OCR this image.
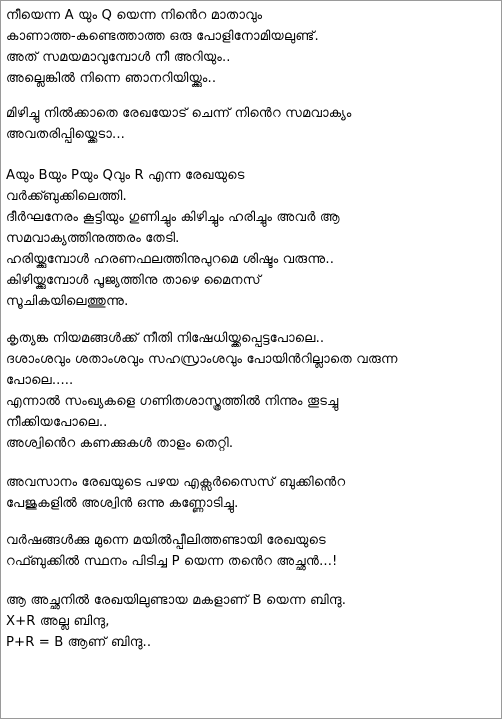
നീയെന്ന A യും Q യെന്ന നിൻെറ മാതാവും
കാണാത്ത-കണ്ടെത്താത്ത ഒരു പോളിനോമിയലുണ്ട്.
അത് സമയമാവുമ്പോൾ നീ അറിയും..
അല്ലെങ്കിൽ നിന്നെ ഞാനറിയിയ്ക്കും..
മിഴിച്ചു നിൽക്കാതെ രേഖയോട് ചെന്ന് നിൻെറ സമവാക്യം
അവതരിപ്പിയ്ക്കെടാ...
Aയും Bയും Pയും Qവും R എന്ന രേഖയുടെ
വർക്ക്ബുക്കിലെത്തി.
ദീർഘനേരം കൂട്ടിയും ഗുണിച്ചും കിഴിച്ചും ഹരിച്ചും അവർ ആ
സമവാക്യത്തിനുത്തരം തേടി.
ഹരിയ്ക്കുമ്പോൾ ഹരണഫലത്തിനുപുറമെ ശിഷ്ടം വരുന്നു..
കിഴിയ്ക്കുമ്പോൾ പൂജ്യത്തിനു താഴെ മൈനസ്
സൂചികയിലെത്തുന്നു.
കൃത്യങ്ക നിയമങ്ങൾക്ക് നീതി നിഷേധിയ്ക്കപ്പെട്ടപോലെ..
ദശാംശവും ശതാംശവും സഹസ്രാംശവും പോയിൻറില്ലാതെ വരുന്ന
പോലെ.....
എന്നാൽ സംഖ്യകളെ ഗണിതശാസ്ത്രത്തിൽ നിന്നും തൂടച്ചു
നീക്കിയപോലെ..
അശ്വിൻെറ കണക്കുകൾ താളം തെറ്റി.
അവസാനം രേഖയുടെ പഴയ എക്സർസൈസ് ബുക്കിൻെറ
പേജുകളിൽ അശ്വിൻ ഒന്നു കണ്ണോടിച്ചു.
വർഷങ്ങൾക്കു മുന്നെ മയിൽപ്പീലിത്തണ്ടായി രേഖയുടെ
റഫ്ബുക്കിൽ സ്ഥനം പിടിച്ച P യെന്ന തൻെറ അച്ഛൻ...!
ആ അച്ഛനിൽ രേഖയിലുണ്ടായ മകളാണ് B യെന്ന ബിന്ദു.
X+R അല്ല ബിന്ദു,
P+R = B ആണ് ബിന്ദു..
